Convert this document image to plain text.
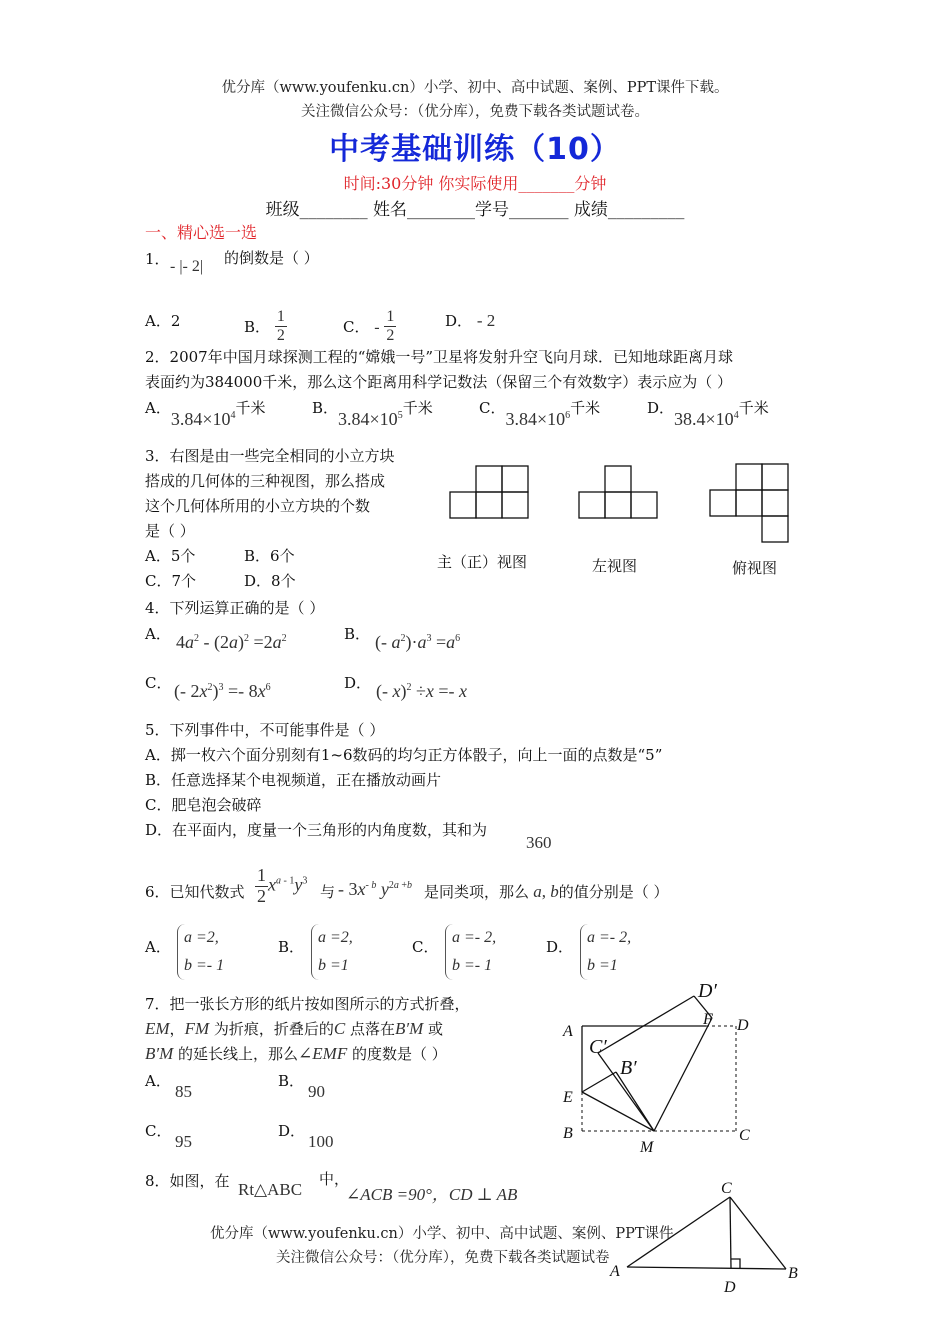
优分库（www.youfenku.cn）小学、初中、高中试题、案例、PPT课件下载。
关注微信公众号：（优分库），免费下载各类试题试卷。
中考基础训练（10）
时间:30分钟 你实际使用_______分钟
班级________ 姓名________学号_______ 成绩_________
一、精心选一选
1． - |- 2| 的倒数是（ ）
A．2	B． $\frac{1}{2}$	C． - $\frac{1}{2}$	D． - 2
2．2007年中国月球探测工程的“嫦娥一号”卫星将发射升空飞向月球．已知地球距离月球
表面约为384000千米，那么这个距离用科学记数法（保留三个有效数字）表示应为（ ）
A．$3.84\times 10^4$千米	B．$3.84\times 10^5$千米	C．$3.84\times 10^6$千米	D．$38.4\times 10^4$千米
3．右图是由一些完全相同的小立方块
搭成的几何体的三种视图，那么搭成
这个几何体所用的小立方块的个数
是（ ）
A．5个	B．6个
C．7个	D．8个
主（正）视图	左视图	俯视图
4．下列运算正确的是（ ）
A． $4a^2 - (2a)^2 =2a^2$	B． (- $a^2)\cdot a^3 =a^6$
C． (- $2x^2)^3 =- 8x^6$	D． (- x)$^2$ ÷x =- x
5．下列事件中，不可能事件是（ ）
A．掷一枚六个面分别刻有1~6数码的均匀正方体骰子，向上一面的点数是“5”
B．任意选择某个电视频道，正在播放动画片
C．肥皂泡会破碎
D．在平面内，度量一个三角形的内角度数，其和为
360
6．已知代数式 $\frac{1}{2} x^{a - 1}y^3$
与 - $3x^{- b}$ $y^{2a +b}$ 是同类项，那么 a, b的值分别是（ ）
A．
a =2,
b =- 1
B．
a =2,
b =1
C．
a =- 2,
b =- 1
D．
a =- 2,
b =1
7．把一张长方形的纸片按如图所示的方式折叠，
EM，FM 为折痕，折叠后的C 点落在B′M 或
B′M 的延长线上，那么∠EMF 的度数是（ ）
A．
85
B．
90
C．
95
D．
100
A
B	C
D
E
F
M
B′
C′
D′
8．如图，在 Rt△ABC
中，
∠ACB =90°，CD ⊥ AB
A	B
C
D
优分库（www.youfenku.cn）小学、初中、高中试题、案例、PPT课件
关注微信公众号：（优分库），免费下载各类试题试卷
